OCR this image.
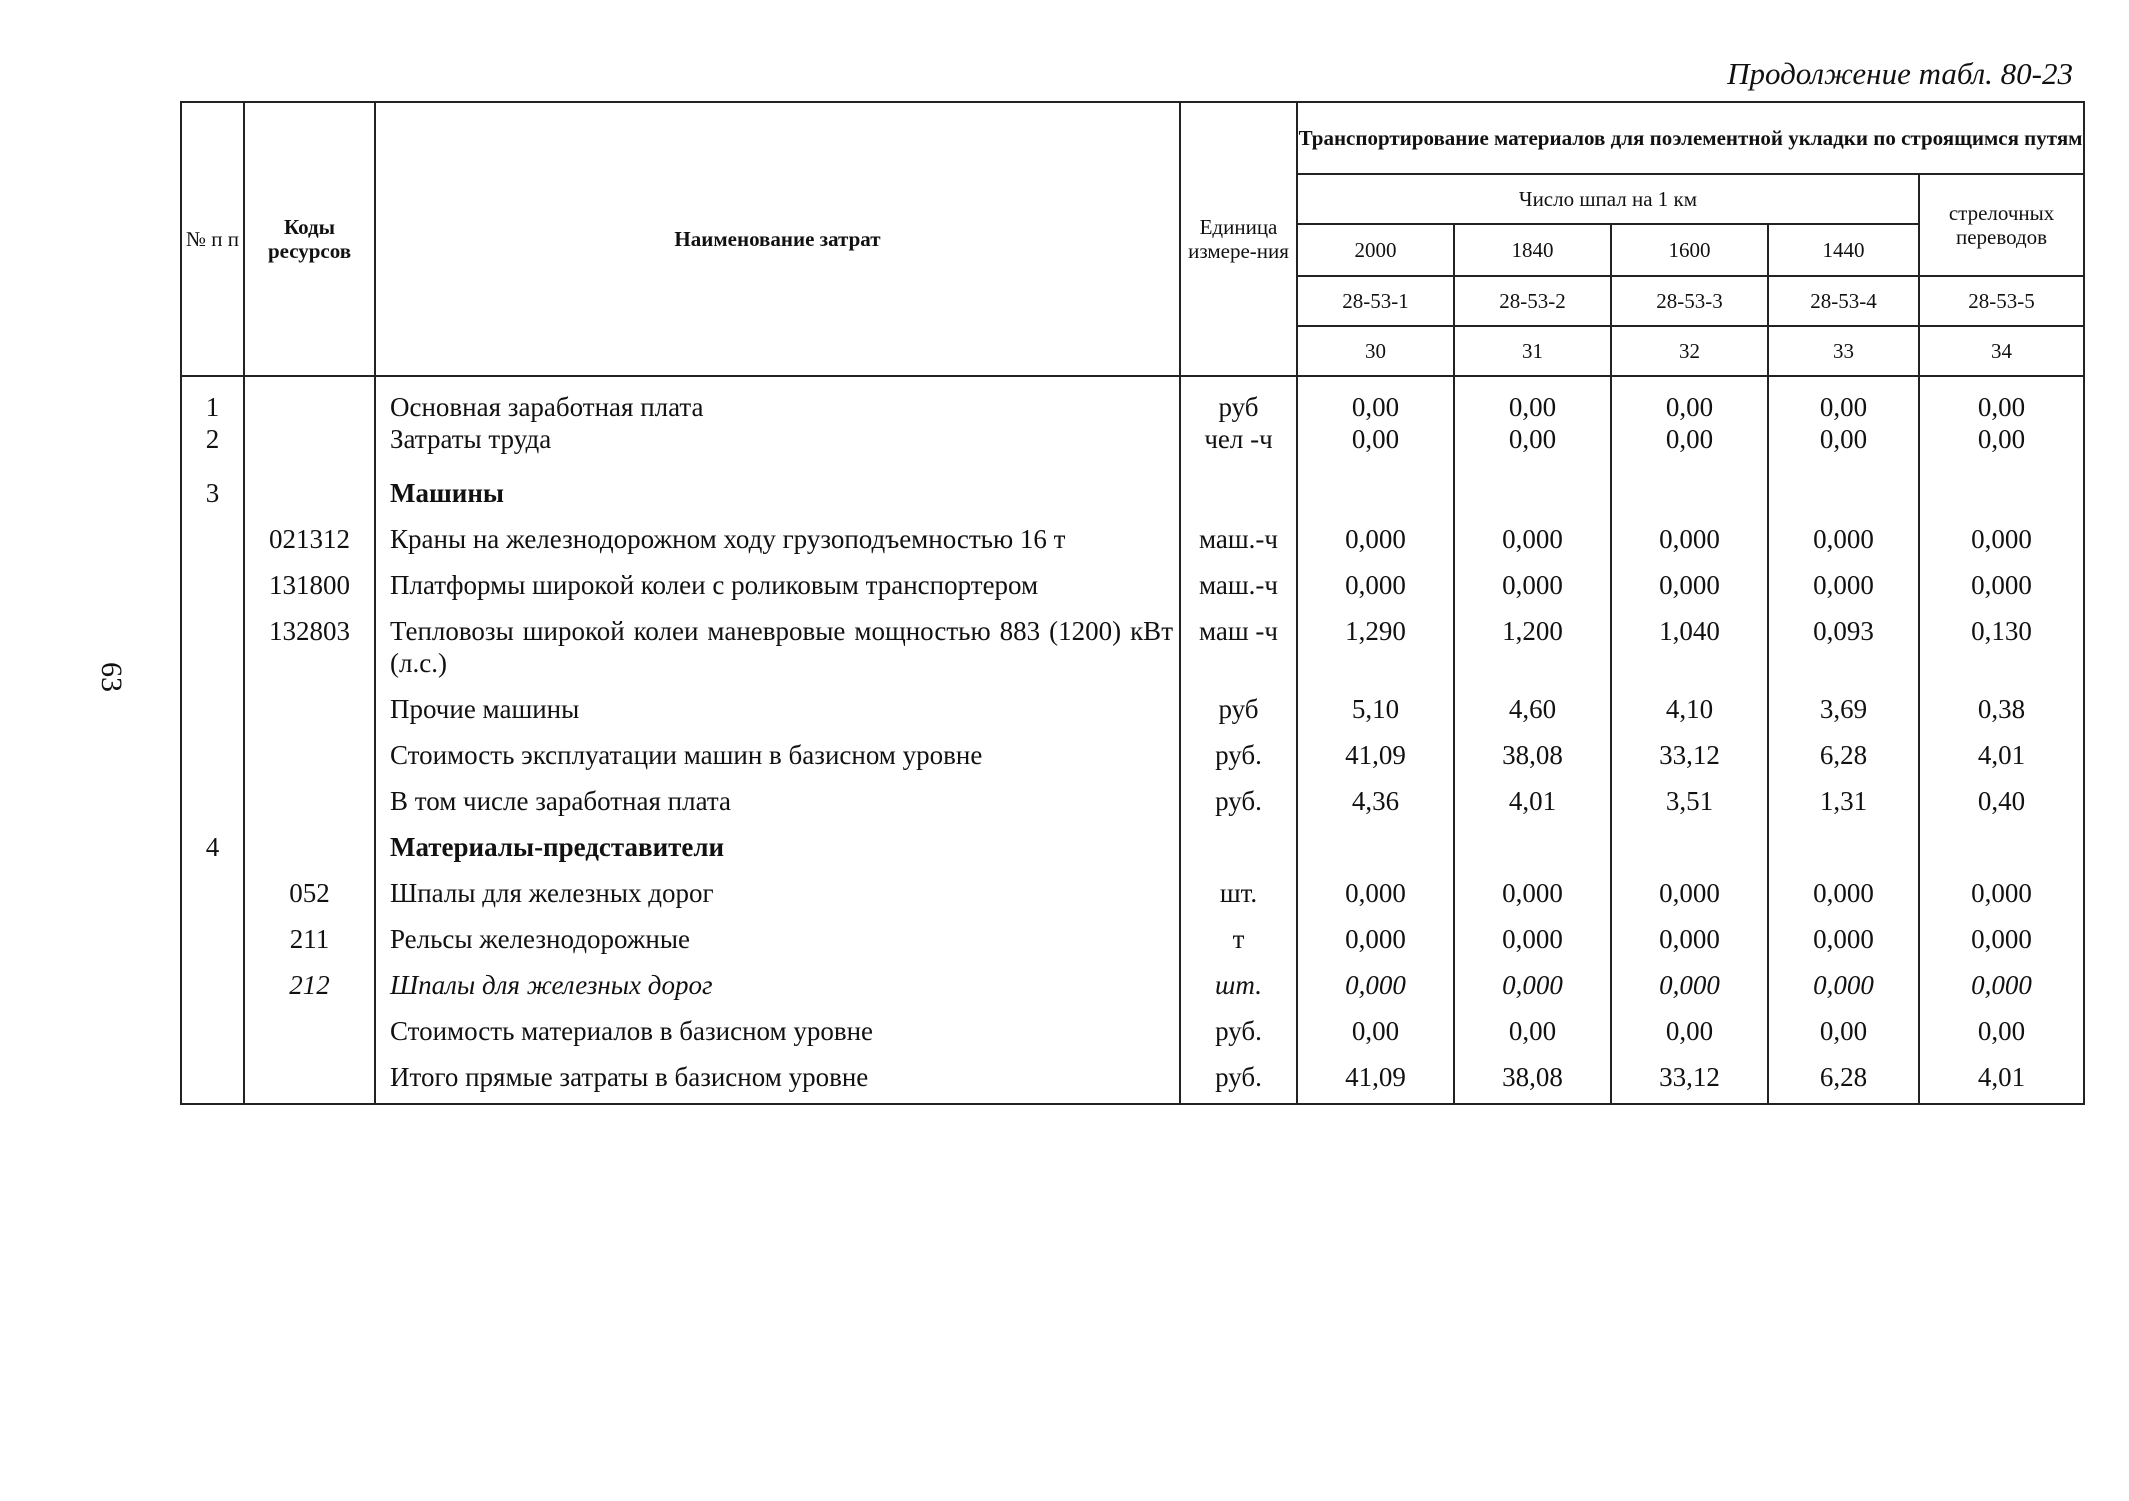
Продолжение табл. 80-23
63
№ п п	Коды ресурсов	Наименование затрат	Единица измере-ния	Транспортирование материалов для поэлементной укладки по строящимся путям				
				Число шпал на 1 км				стрелочных переводов
				2000	1840	1600	1440	
				28-53-1	28-53-2	28-53-3	28-53-4	28-53-5
				30	31	32	33	34
1		Основная заработная плата	руб	0,00	0,00	0,00	0,00	0,00
2		Затраты труда	чел -ч	0,00	0,00	0,00	0,00	0,00
3		Машины						
	021312	Краны на железнодорожном ходу грузоподъемностью 16 т	маш.-ч	0,000	0,000	0,000	0,000	0,000
	131800	Платформы широкой колеи с роликовым транспортером	маш.-ч	0,000	0,000	0,000	0,000	0,000
	132803	Тепловозы широкой колеи маневровые мощностью 883 (1200) кВт (л.с.)	маш -ч	1,290	1,200	1,040	0,093	0,130
		Прочие машины	руб	5,10	4,60	4,10	3,69	0,38
		Стоимость эксплуатации машин в базисном уровне	руб.	41,09	38,08	33,12	6,28	4,01
		В том числе заработная плата	руб.	4,36	4,01	3,51	1,31	0,40
4		Материалы-представители						
	052	Шпалы для железных дорог	шт.	0,000	0,000	0,000	0,000	0,000
	211	Рельсы железнодорожные	т	0,000	0,000	0,000	0,000	0,000
	212	Шпалы для железных дорог	шт.	0,000	0,000	0,000	0,000	0,000
		Стоимость материалов в базисном уровне	руб.	0,00	0,00	0,00	0,00	0,00
		Итого прямые затраты в базисном уровне	руб.	41,09	38,08	33,12	6,28	4,01
